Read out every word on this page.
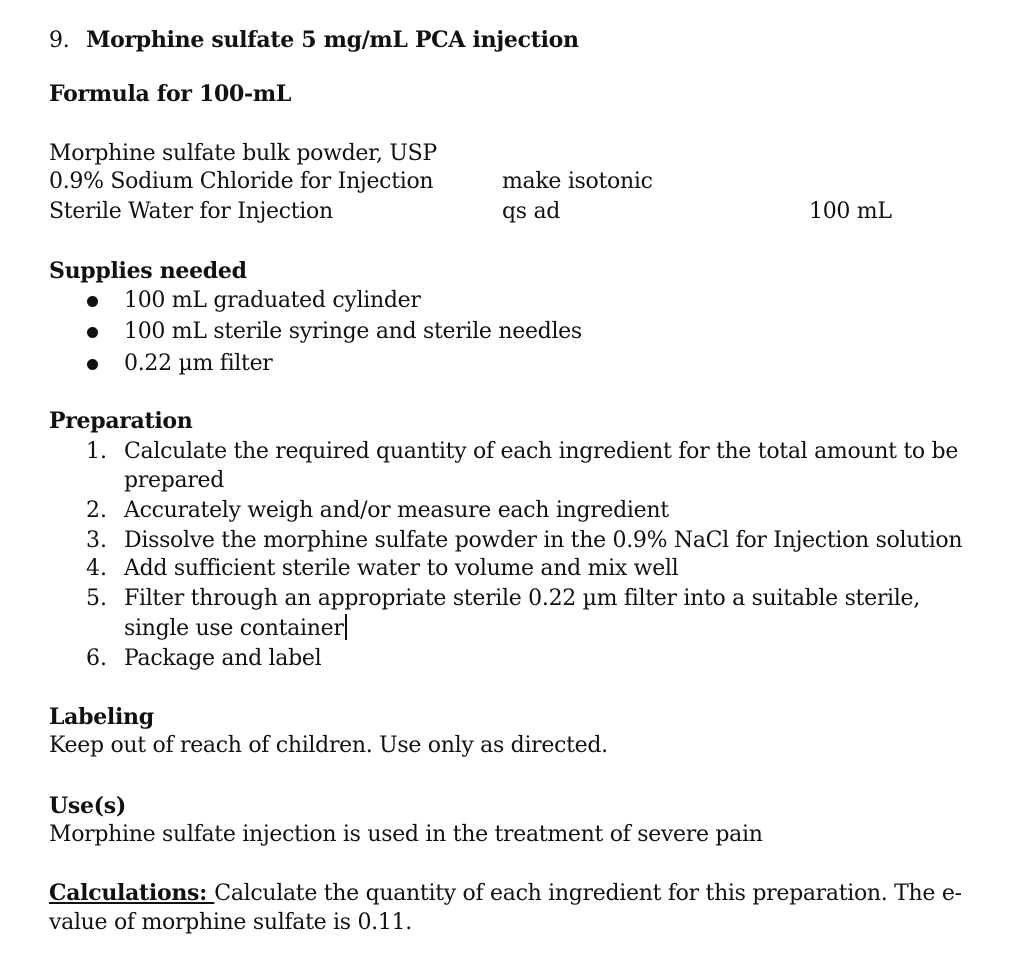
9. Morphine sulfate 5 mg/mL PCA injection
Formula for 100-mL
Morphine sulfate bulk powder, USP
0.9% Sodium Chloride for Injection	make isotonic
Sterile Water for Injection	qs ad	100 mL
Supplies needed
100 mL graduated cylinder
100 mL sterile syringe and sterile needles
0.22 µm filter
Preparation
1. Calculate the required quantity of each ingredient for the total amount to be
prepared
2. Accurately weigh and/or measure each ingredient
3. Dissolve the morphine sulfate powder in the 0.9% NaCl for Injection solution
4. Add sufficient sterile water to volume and mix well
5. Filter through an appropriate sterile 0.22 µm filter into a suitable sterile,
single use container
6. Package and label
Labeling
Keep out of reach of children. Use only as directed.
Use(s)
Morphine sulfate injection is used in the treatment of severe pain
Calculations: Calculate the quantity of each ingredient for this preparation. The e-
value of morphine sulfate is 0.11.
